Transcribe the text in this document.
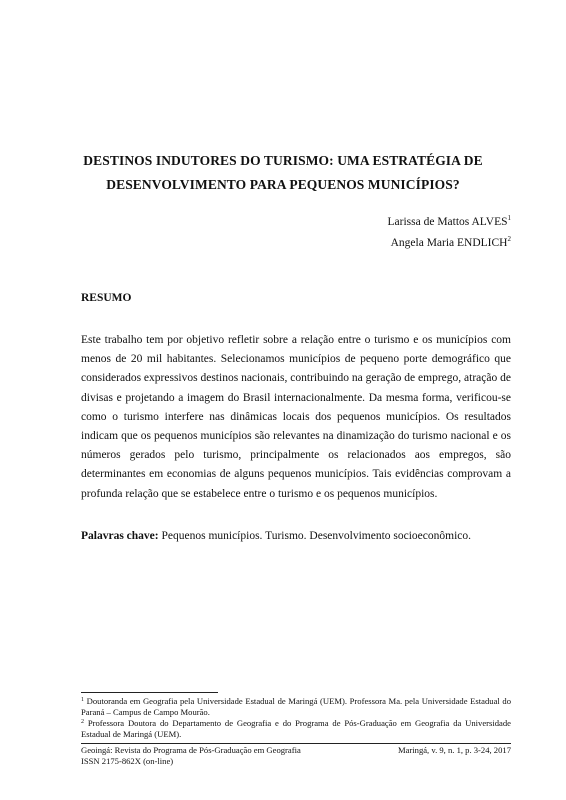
DESTINOS INDUTORES DO TURISMO: UMA ESTRATÉGIA DE
DESENVOLVIMENTO PARA PEQUENOS MUNICÍPIOS?
Larissa de Mattos ALVES$^1$
Angela Maria ENDLICH$^2$
RESUMO
Este trabalho tem por objetivo refletir sobre a relação entre o turismo e os municípios com menos de 20 mil habitantes. Selecionamos municípios de pequeno porte demográfico que considerados expressivos destinos nacionais, contribuindo na geração de emprego, atração de divisas e projetando a imagem do Brasil internacionalmente. Da mesma forma, verificou-se como o turismo interfere nas dinâmicas locais dos pequenos municípios. Os resultados indicam que os pequenos municípios são relevantes na dinamização do turismo nacional e os números gerados pelo turismo, principalmente os relacionados aos empregos, são determinantes em economias de alguns pequenos municípios. Tais evidências comprovam a profunda relação que se estabelece entre o turismo e os pequenos municípios.
Palavras chave: Pequenos municípios. Turismo. Desenvolvimento socioeconômico.

$^1$ Doutoranda em Geografia pela Universidade Estadual de Maringá (UEM). Professora Ma. pela Universidade Estadual do Paraná – Campus de Campo Mourão.

$^2$ Professora Doutora do Departamento de Geografia e do Programa de Pós-Graduação em Geografia da Universidade Estadual de Maringá (UEM).

Geoingá: Revista do Programa de Pós-Graduação em Geografia	Maringá, v. 9, n. 1, p. 3-24, 2017
ISSN 2175-862X (on-line)
